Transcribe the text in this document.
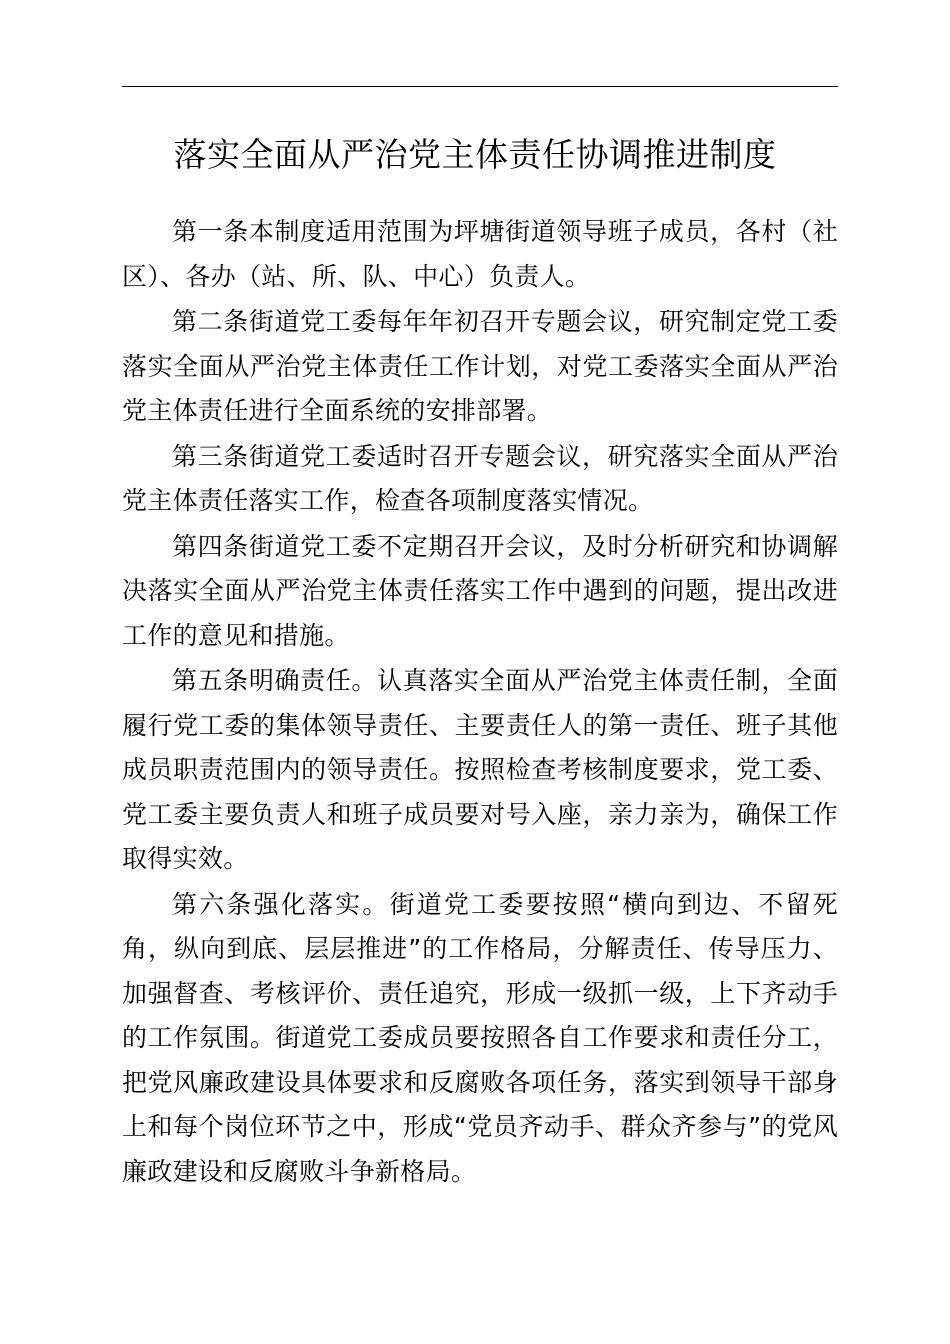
落实全面从严治党主体责任协调推进制度

第一条本制度适用范围为坪塘街道领导班子成员，各村（社区）、各办（站、所、队、中心）负责人。

第二条街道党工委每年年初召开专题会议，研究制定党工委落实全面从严治党主体责任工作计划，对党工委落实全面从严治党主体责任进行全面系统的安排部署。

第三条街道党工委适时召开专题会议，研究落实全面从严治党主体责任落实工作，检查各项制度落实情况。

第四条街道党工委不定期召开会议，及时分析研究和协调解决落实全面从严治党主体责任落实工作中遇到的问题，提出改进工作的意见和措施。

第五条明确责任。认真落实全面从严治党主体责任制，全面履行党工委的集体领导责任、主要责任人的第一责任、班子其他成员职责范围内的领导责任。按照检查考核制度要求，党工委、党工委主要负责人和班子成员要对号入座，亲力亲为，确保工作取得实效。

第六条强化落实。街道党工委要按照“横向到边、不留死角，纵向到底、层层推进”的工作格局，分解责任、传导压力、加强督查、考核评价、责任追究，形成一级抓一级，上下齐动手的工作氛围。街道党工委成员要按照各自工作要求和责任分工，把党风廉政建设具体要求和反腐败各项任务，落实到领导干部身上和每个岗位环节之中，形成“党员齐动手、群众齐参与”的党风廉政建设和反腐败斗争新格局。
